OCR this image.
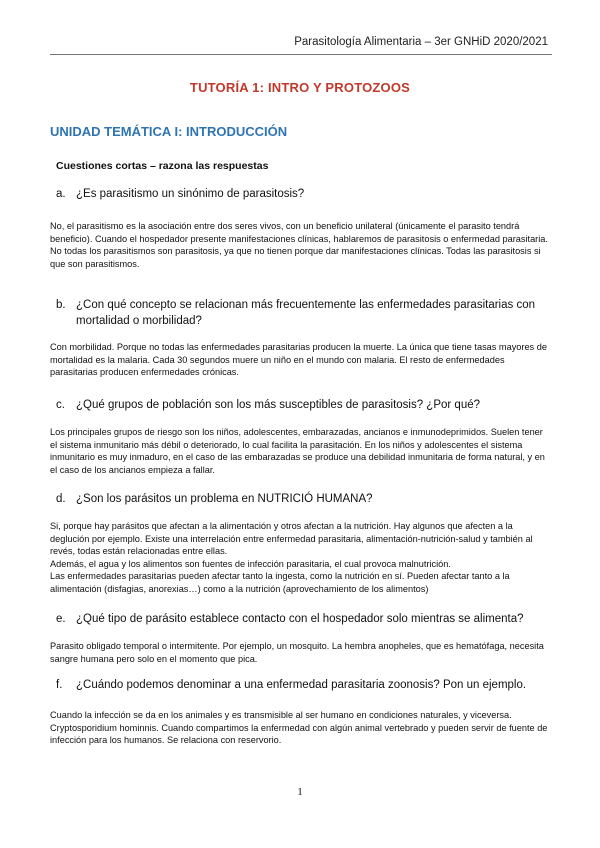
Parasitología Alimentaria – 3er GNHiD 2020/2021
TUTORÍA 1: INTRO Y PROTOZOOS
UNIDAD TEMÁTICA I: INTRODUCCIÓN
Cuestiones cortas – razona las respuestas
a. ¿Es parasitismo un sinónimo de parasitosis?

No, el parasitismo es la asociación entre dos seres vivos, con un beneficio unilateral (únicamente el parasito tendrá beneficio). Cuando el hospedador presente manifestaciones clínicas, hablaremos de parasitosis o enfermedad parasitaria. No todas los parasitismos son parasitosis, ya que no tienen porque dar manifestaciones clínicas. Todas las parasitosis si que son parasitismos.

b. ¿Con qué concepto se relacionan más frecuentemente las enfermedades parasitarias con mortalidad o morbilidad?

Con morbilidad. Porque no todas las enfermedades parasitarias producen la muerte. La única que tiene tasas mayores de mortalidad es la malaria. Cada 30 segundos muere un niño en el mundo con malaria. El resto de enfermedades parasitarias producen enfermedades crónicas.

c. ¿Qué grupos de población son los más susceptibles de parasitosis? ¿Por qué?

Los principales grupos de riesgo son los niños, adolescentes, embarazadas, ancianos e inmunodeprimidos. Suelen tener el sistema inmunitario más débil o deteriorado, lo cual facilita la parasitación. En los niños y adolescentes el sistema inmunitario es muy inmaduro, en el caso de las embarazadas se produce una debilidad inmunitaria de forma natural, y en el caso de los ancianos empieza a fallar.

d. ¿Son los parásitos un problema en NUTRICIÓ HUMANA?

Si, porque hay parásitos que afectan a la alimentación y otros afectan a la nutrición. Hay algunos que afecten a la deglución por ejemplo. Existe una interrelación entre enfermedad parasitaria, alimentación-nutrición-salud y también al revés, todas están relacionadas entre ellas.
Además, el agua y los alimentos son fuentes de infección parasitaria, el cual provoca malnutrición.
Las enfermedades parasitarias pueden afectar tanto la ingesta, como la nutrición en sí. Pueden afectar tanto a la alimentación (disfagias, anorexias…) como a la nutrición (aprovechamiento de los alimentos)

e. ¿Qué tipo de parásito establece contacto con el hospedador solo mientras se alimenta?

Parasito obligado temporal o intermitente. Por ejemplo, un mosquito. La hembra anopheles, que es hematófaga, necesita sangre humana pero solo en el momento que pica.

f.	¿Cuándo podemos denominar a una enfermedad parasitaria zoonosis? Pon un ejemplo.

Cuando la infección se da en los animales y es transmisible al ser humano en condiciones naturales, y viceversa. Cryptosporidium hominnis. Cuando compartimos la enfermedad con algún animal vertebrado y pueden servir de fuente de infección para los humanos. Se relaciona con reservorio.

1
